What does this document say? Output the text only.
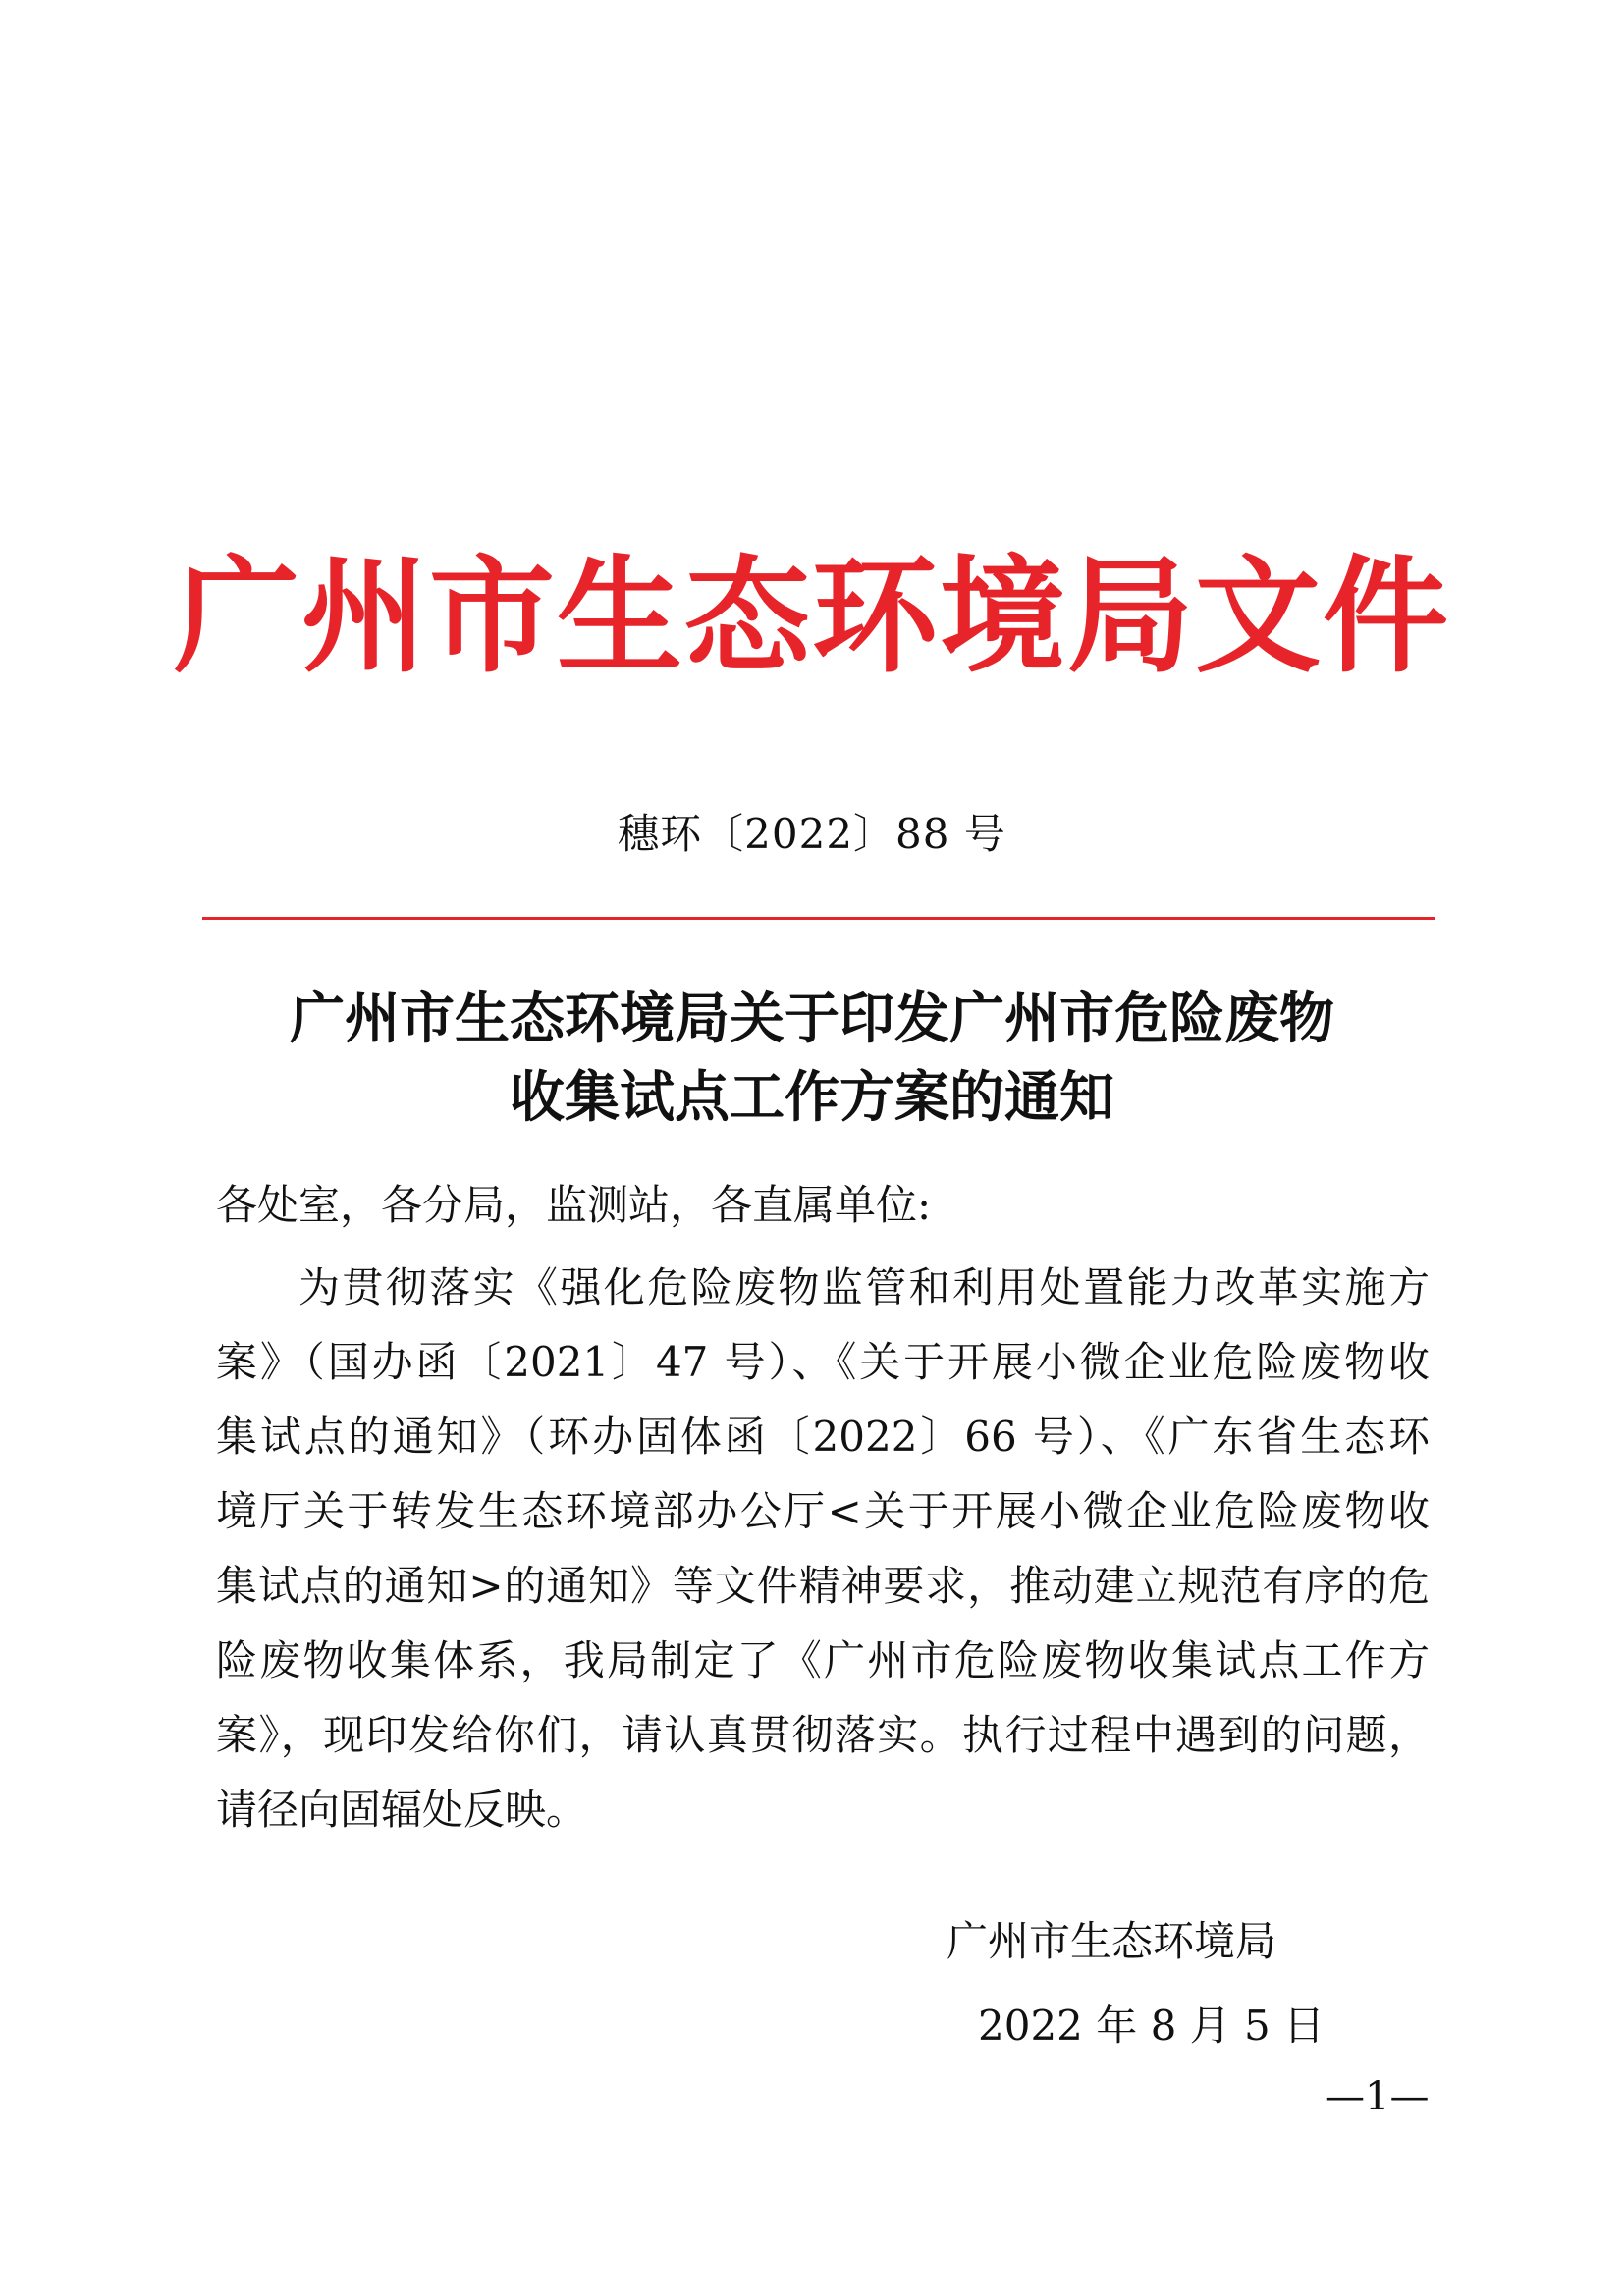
广州市生态环境局文件
穗环〔2022〕88 号
广州市生态环境局关于印发广州市危险废物
收集试点工作方案的通知
各处室，各分局，监测站，各直属单位:
为贯彻落实《强化危险废物监管和利用处置能力改革实施方
案》（国办函〔2021〕47 号）、《关于开展小微企业危险废物收
集试点的通知》（环办固体函〔2022〕66 号）、《广东省生态环
境厅关于转发生态环境部办公厅<关于开展小微企业危险废物收
集试点的通知>的通知》等文件精神要求，推动建立规范有序的危
险废物收集体系，我局制定了《广州市危险废物收集试点工作方
案》，现印发给你们，请认真贯彻落实。执行过程中遇到的问题，
请径向固辐处反映。
广州市生态环境局
2022 年 8 月 5 日
—1—
